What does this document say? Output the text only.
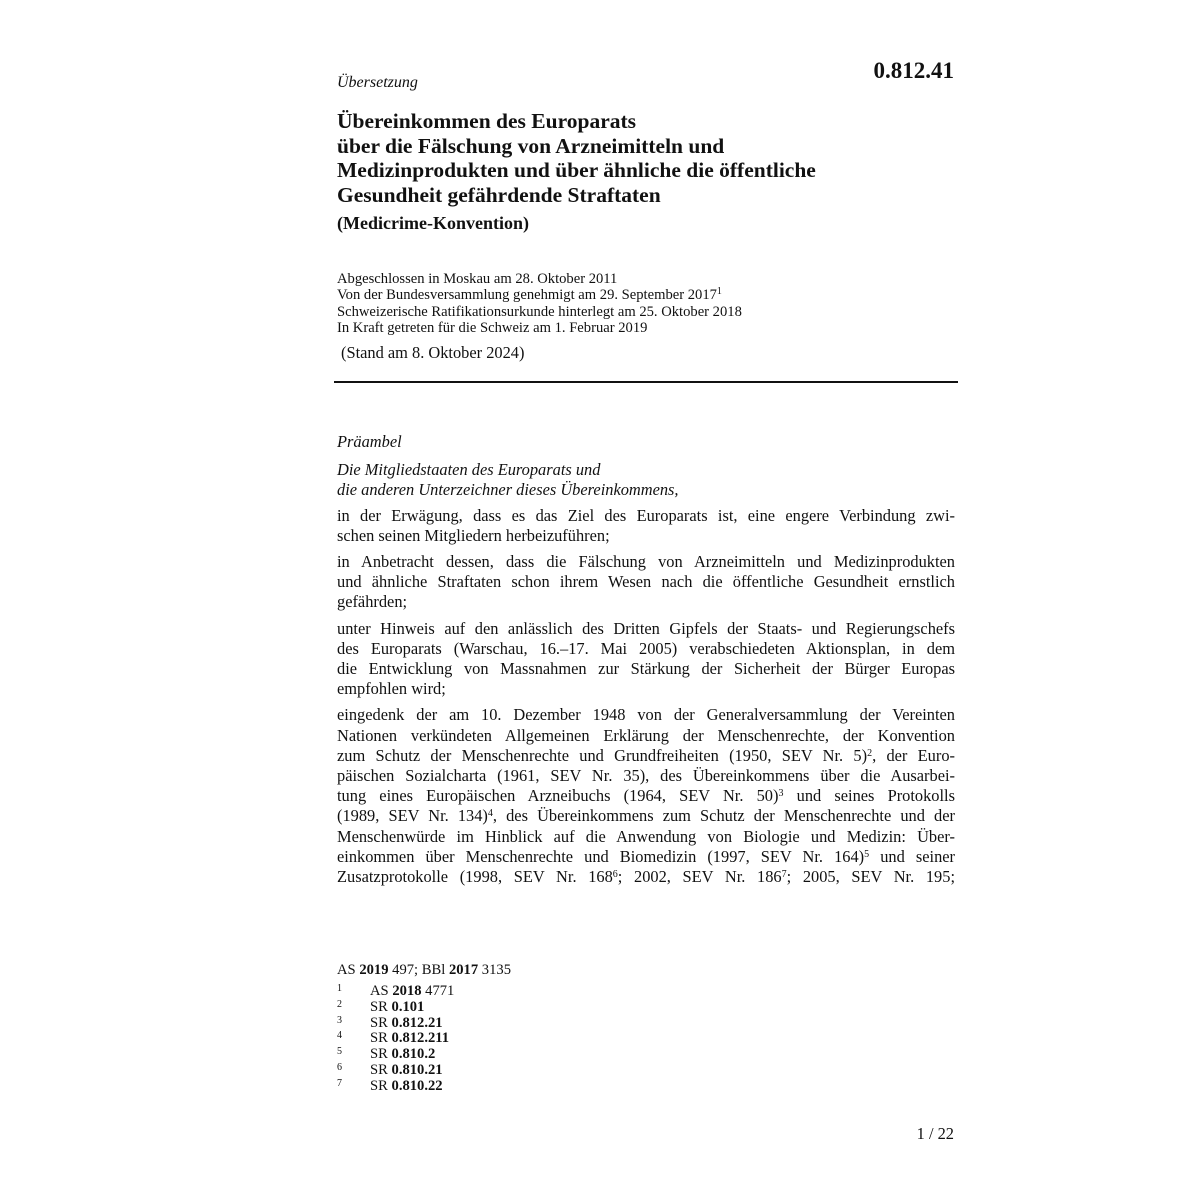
0.812.41
Übersetzung
Übereinkommen des Europarats
über die Fälschung von Arzneimitteln und
Medizinprodukten und über ähnliche die öffentliche
Gesundheit gefährdende Straftaten
(Medicrime-Konvention)
Abgeschlossen in Moskau am 28. Oktober 2011
Von der Bundesversammlung genehmigt am 29. September 2017$^1$
Schweizerische Ratifikationsurkunde hinterlegt am 25. Oktober 2018
In Kraft getreten für die Schweiz am 1. Februar 2019
(Stand am 8. Oktober 2024)
Präambel
Die Mitgliedstaaten des Europarats und
die anderen Unterzeichner dieses Übereinkommens,
in der Erwägung, dass es das Ziel des Europarats ist, eine engere Verbindung zwi-
schen seinen Mitgliedern herbeizuführen;
in Anbetracht dessen, dass die Fälschung von Arzneimitteln und Medizinprodukten
und ähnliche Straftaten schon ihrem Wesen nach die öffentliche Gesundheit ernstlich
gefährden;
unter Hinweis auf den anlässlich des Dritten Gipfels der Staats- und Regierungschefs
des Europarats (Warschau, 16.–17. Mai 2005) verabschiedeten Aktionsplan, in dem
die Entwicklung von Massnahmen zur Stärkung der Sicherheit der Bürger Europas
empfohlen wird;
eingedenk der am 10. Dezember 1948 von der Generalversammlung der Vereinten
Nationen verkündeten Allgemeinen Erklärung der Menschenrechte, der Konvention
zum Schutz der Menschenrechte und Grundfreiheiten (1950, SEV Nr. 5)$^2$, der Euro-
päischen Sozialcharta (1961, SEV Nr. 35), des Übereinkommens über die Ausarbei-
tung eines Europäischen Arzneibuchs (1964, SEV Nr. 50)$^3$ und seines Protokolls
(1989, SEV Nr. 134)$^4$, des Übereinkommens zum Schutz der Menschenrechte und der
Menschenwürde im Hinblick auf die Anwendung von Biologie und Medizin: Über-
einkommen über Menschenrechte und Biomedizin (1997, SEV Nr. 164)$^5$ und seiner
Zusatzprotokolle (1998, SEV Nr. $168^6$; 2002, SEV Nr. $186^7$; 2005, SEV Nr. 195;
AS 2019 497; BBl 2017 3135
1	AS 2018 4771
2	SR 0.101
3	SR 0.812.21
4	SR 0.812.211
5	SR 0.810.2
6	SR 0.810.21
7	SR 0.810.22
1 / 22
